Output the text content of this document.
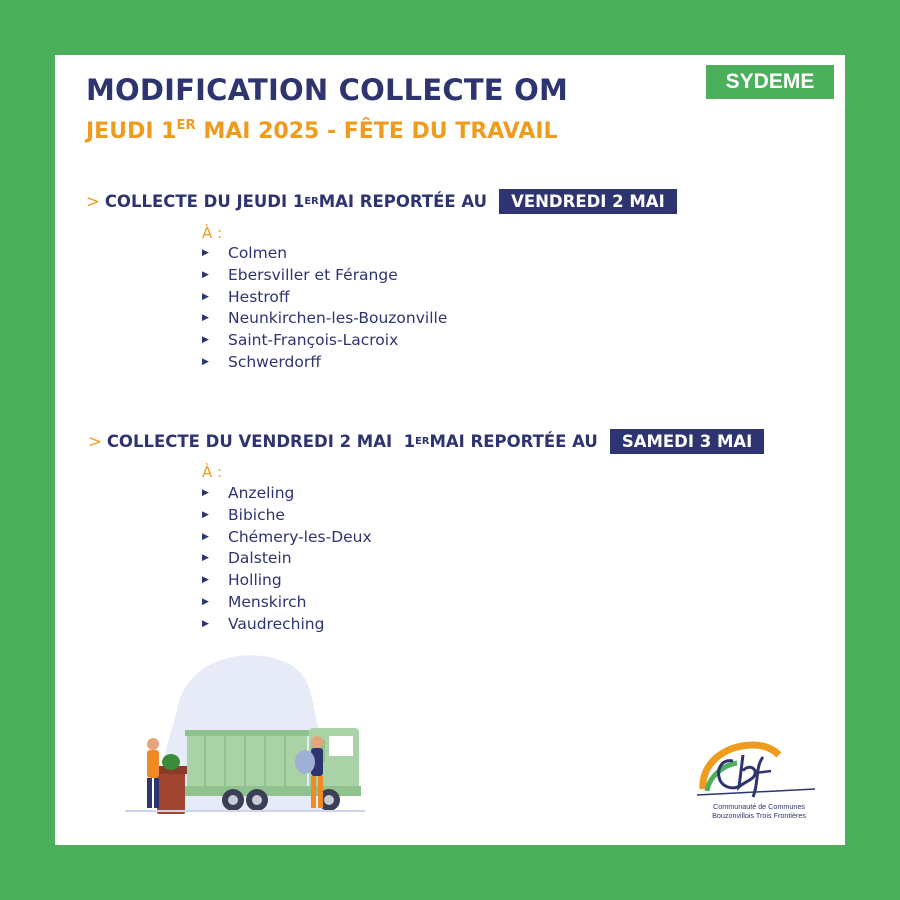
SYDEME
MODIFICATION COLLECTE OM
JEUDI 1ER MAI 2025 - FÊTE DU TRAVAIL
> COLLECTE DU JEUDI 1 ER MAI REPORTÉE AU	VENDREDI 2 MAI
À :
▶	Colmen
▶	Ebersviller et Férange
▶	Hestroff
▶	Neunkirchen-les-Bouzonville
▶	Saint-François-Lacroix
▶	Schwerdorff
> COLLECTE DU VENDREDI 2 MAI  1 ER MAI REPORTÉE AU	SAMEDI 3 MAI
À :
▶	Anzeling
▶	Bibiche
▶	Chémery-les-Deux
▶	Dalstein
▶	Holling
▶	Menskirch
▶	Vaudreching
Communauté de Communes
Bouzonvillois Trois Frontières
